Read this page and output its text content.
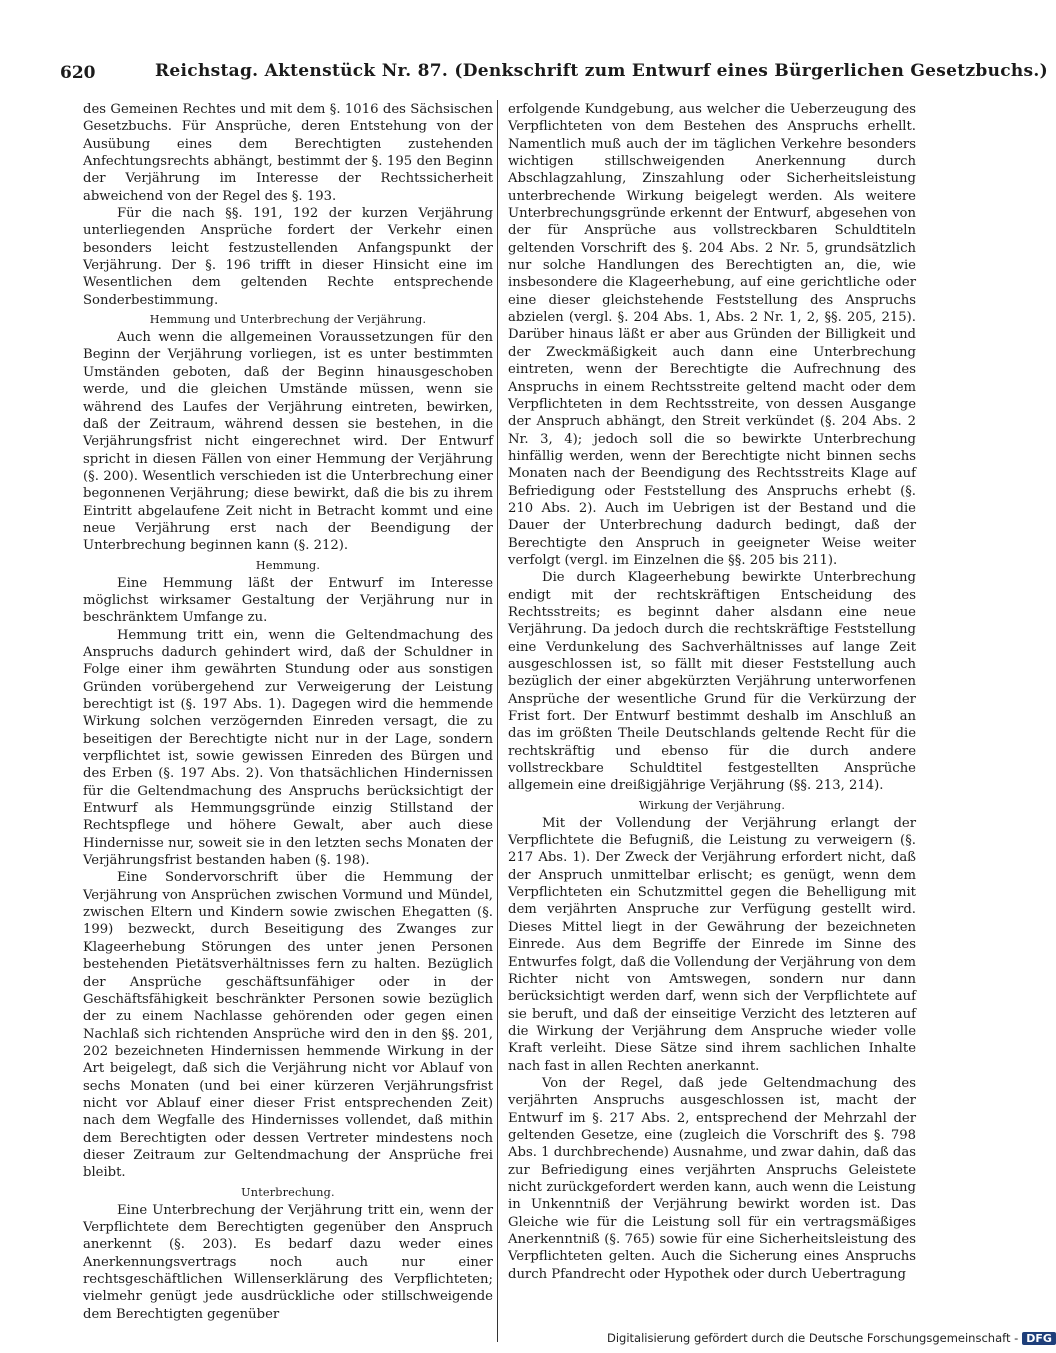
620	Reichstag. Aktenstück Nr. 87. (Denkschrift zum Entwurf eines Bürgerlichen Gesetzbuchs.)

des Gemeinen Rechtes und mit dem §. 1016 des Sächsischen Gesetzbuchs. Für Ansprüche, deren Entstehung von der Ausübung eines dem Berechtigten zustehenden Anfechtungsrechts abhängt, bestimmt der §. 195 den Beginn der Verjährung im Interesse der Rechtssicherheit abweichend von der Regel des §. 193.

Für die nach §§. 191, 192 der kurzen Verjährung unterliegenden Ansprüche fordert der Verkehr einen besonders leicht festzustellenden Anfangspunkt der Verjährung. Der §. 196 trifft in dieser Hinsicht eine im Wesentlichen dem geltenden Rechte entsprechende Sonderbestimmung.

Hemmung und Unterbrechung der Verjährung.

Auch wenn die allgemeinen Voraussetzungen für den Beginn der Verjährung vorliegen, ist es unter bestimmten Umständen geboten, daß der Beginn hinausgeschoben werde, und die gleichen Umstände müssen, wenn sie während des Laufes der Verjährung eintreten, bewirken, daß der Zeitraum, während dessen sie bestehen, in die Verjährungsfrist nicht eingerechnet wird. Der Entwurf spricht in diesen Fällen von einer Hemmung der Verjährung (§. 200). Wesentlich verschieden ist die Unterbrechung einer begonnenen Verjährung; diese bewirkt, daß die bis zu ihrem Eintritt abgelaufene Zeit nicht in Betracht kommt und eine neue Verjährung erst nach der Beendigung der Unterbrechung beginnen kann (§. 212).

Hemmung.

Eine Hemmung läßt der Entwurf im Interesse möglichst wirksamer Gestaltung der Verjährung nur in beschränktem Umfange zu.

Hemmung tritt ein, wenn die Geltendmachung des Anspruchs dadurch gehindert wird, daß der Schuldner in Folge einer ihm gewährten Stundung oder aus sonstigen Gründen vorübergehend zur Verweigerung der Leistung berechtigt ist (§. 197 Abs. 1). Dagegen wird die hemmende Wirkung solchen verzögernden Einreden versagt, die zu beseitigen der Berechtigte nicht nur in der Lage, sondern verpflichtet ist, sowie gewissen Einreden des Bürgen und des Erben (§. 197 Abs. 2). Von thatsächlichen Hindernissen für die Geltendmachung des Anspruchs berücksichtigt der Entwurf als Hemmungsgründe einzig Stillstand der Rechtspflege und höhere Gewalt, aber auch diese Hindernisse nur, soweit sie in den letzten sechs Monaten der Verjährungsfrist bestanden haben (§. 198).

Eine Sondervorschrift über die Hemmung der Verjährung von Ansprüchen zwischen Vormund und Mündel, zwischen Eltern und Kindern sowie zwischen Ehegatten (§. 199) bezweckt, durch Beseitigung des Zwanges zur Klageerhebung Störungen des unter jenen Personen bestehenden Pietätsverhältnisses fern zu halten. Bezüglich der Ansprüche geschäftsunfähiger oder in der Geschäftsfähigkeit beschränkter Personen sowie bezüglich der zu einem Nachlasse gehörenden oder gegen einen Nachlaß sich richtenden Ansprüche wird den in den §§. 201, 202 bezeichneten Hindernissen hemmende Wirkung in der Art beigelegt, daß sich die Verjährung nicht vor Ablauf von sechs Monaten (und bei einer kürzeren Verjährungsfrist nicht vor Ablauf einer dieser Frist entsprechenden Zeit) nach dem Wegfalle des Hindernisses vollendet, daß mithin dem Berechtigten oder dessen Vertreter mindestens noch dieser Zeitraum zur Geltendmachung der Ansprüche frei bleibt.

Unterbrechung.

Eine Unterbrechung der Verjährung tritt ein, wenn der Verpflichtete dem Berechtigten gegenüber den Anspruch anerkennt (§. 203). Es bedarf dazu weder eines Anerkennungsvertrags noch auch nur einer rechtsgeschäftlichen Willenserklärung des Verpflichteten; vielmehr genügt jede ausdrückliche oder stillschweigende dem Berechtigten gegenüber

erfolgende Kundgebung, aus welcher die Ueberzeugung des Verpflichteten von dem Bestehen des Anspruchs erhellt. Namentlich muß auch der im täglichen Verkehre besonders wichtigen stillschweigenden Anerkennung durch Abschlagzahlung, Zinszahlung oder Sicherheitsleistung unterbrechende Wirkung beigelegt werden. Als weitere Unterbrechungsgründe erkennt der Entwurf, abgesehen von der für Ansprüche aus vollstreckbaren Schuldtiteln geltenden Vorschrift des §. 204 Abs. 2 Nr. 5, grundsätzlich nur solche Handlungen des Berechtigten an, die, wie insbesondere die Klageerhebung, auf eine gerichtliche oder eine dieser gleichstehende Feststellung des Anspruchs abzielen (vergl. §. 204 Abs. 1, Abs. 2 Nr. 1, 2, §§. 205, 215). Darüber hinaus läßt er aber aus Gründen der Billigkeit und der Zweckmäßigkeit auch dann eine Unterbrechung eintreten, wenn der Berechtigte die Aufrechnung des Anspruchs in einem Rechtsstreite geltend macht oder dem Verpflichteten in dem Rechtsstreite, von dessen Ausgange der Anspruch abhängt, den Streit verkündet (§. 204 Abs. 2 Nr. 3, 4); jedoch soll die so bewirkte Unterbrechung hinfällig werden, wenn der Berechtigte nicht binnen sechs Monaten nach der Beendigung des Rechtsstreits Klage auf Befriedigung oder Feststellung des Anspruchs erhebt (§. 210 Abs. 2). Auch im Uebrigen ist der Bestand und die Dauer der Unterbrechung dadurch bedingt, daß der Berechtigte den Anspruch in geeigneter Weise weiter verfolgt (vergl. im Einzelnen die §§. 205 bis 211).

Die durch Klageerhebung bewirkte Unterbrechung endigt mit der rechtskräftigen Entscheidung des Rechtsstreits; es beginnt daher alsdann eine neue Verjährung. Da jedoch durch die rechtskräftige Feststellung eine Verdunkelung des Sachverhältnisses auf lange Zeit ausgeschlossen ist, so fällt mit dieser Feststellung auch bezüglich der einer abgekürzten Verjährung unterworfenen Ansprüche der wesentliche Grund für die Verkürzung der Frist fort. Der Entwurf bestimmt deshalb im Anschluß an das im größten Theile Deutschlands geltende Recht für die rechtskräftig und ebenso für die durch andere vollstreckbare Schuldtitel festgestellten Ansprüche allgemein eine dreißigjährige Verjährung (§§. 213, 214).

Wirkung der Verjährung.

Mit der Vollendung der Verjährung erlangt der Verpflichtete die Befugniß, die Leistung zu verweigern (§. 217 Abs. 1). Der Zweck der Verjährung erfordert nicht, daß der Anspruch unmittelbar erlischt; es genügt, wenn dem Verpflichteten ein Schutzmittel gegen die Behelligung mit dem verjährten Anspruche zur Verfügung gestellt wird. Dieses Mittel liegt in der Gewährung der bezeichneten Einrede. Aus dem Begriffe der Einrede im Sinne des Entwurfes folgt, daß die Vollendung der Verjährung von dem Richter nicht von Amtswegen, sondern nur dann berücksichtigt werden darf, wenn sich der Verpflichtete auf sie beruft, und daß der einseitige Verzicht des letzteren auf die Wirkung der Verjährung dem Anspruche wieder volle Kraft verleiht. Diese Sätze sind ihrem sachlichen Inhalte nach fast in allen Rechten anerkannt.

Von der Regel, daß jede Geltendmachung des verjährten Anspruchs ausgeschlossen ist, macht der Entwurf im §. 217 Abs. 2, entsprechend der Mehrzahl der geltenden Gesetze, eine (zugleich die Vorschrift des §. 798 Abs. 1 durchbrechende) Ausnahme, und zwar dahin, daß das zur Befriedigung eines verjährten Anspruchs Geleistete nicht zurückgefordert werden kann, auch wenn die Leistung in Unkenntniß der Verjährung bewirkt worden ist. Das Gleiche wie für die Leistung soll für ein vertragsmäßiges Anerkenntniß (§. 765) sowie für eine Sicherheitsleistung des Verpflichteten gelten. Auch die Sicherung eines Anspruchs durch Pfandrecht oder Hypothek oder durch Uebertragung

Digitalisierung gefördert durch die Deutsche Forschungsgemeinschaft - DFG
